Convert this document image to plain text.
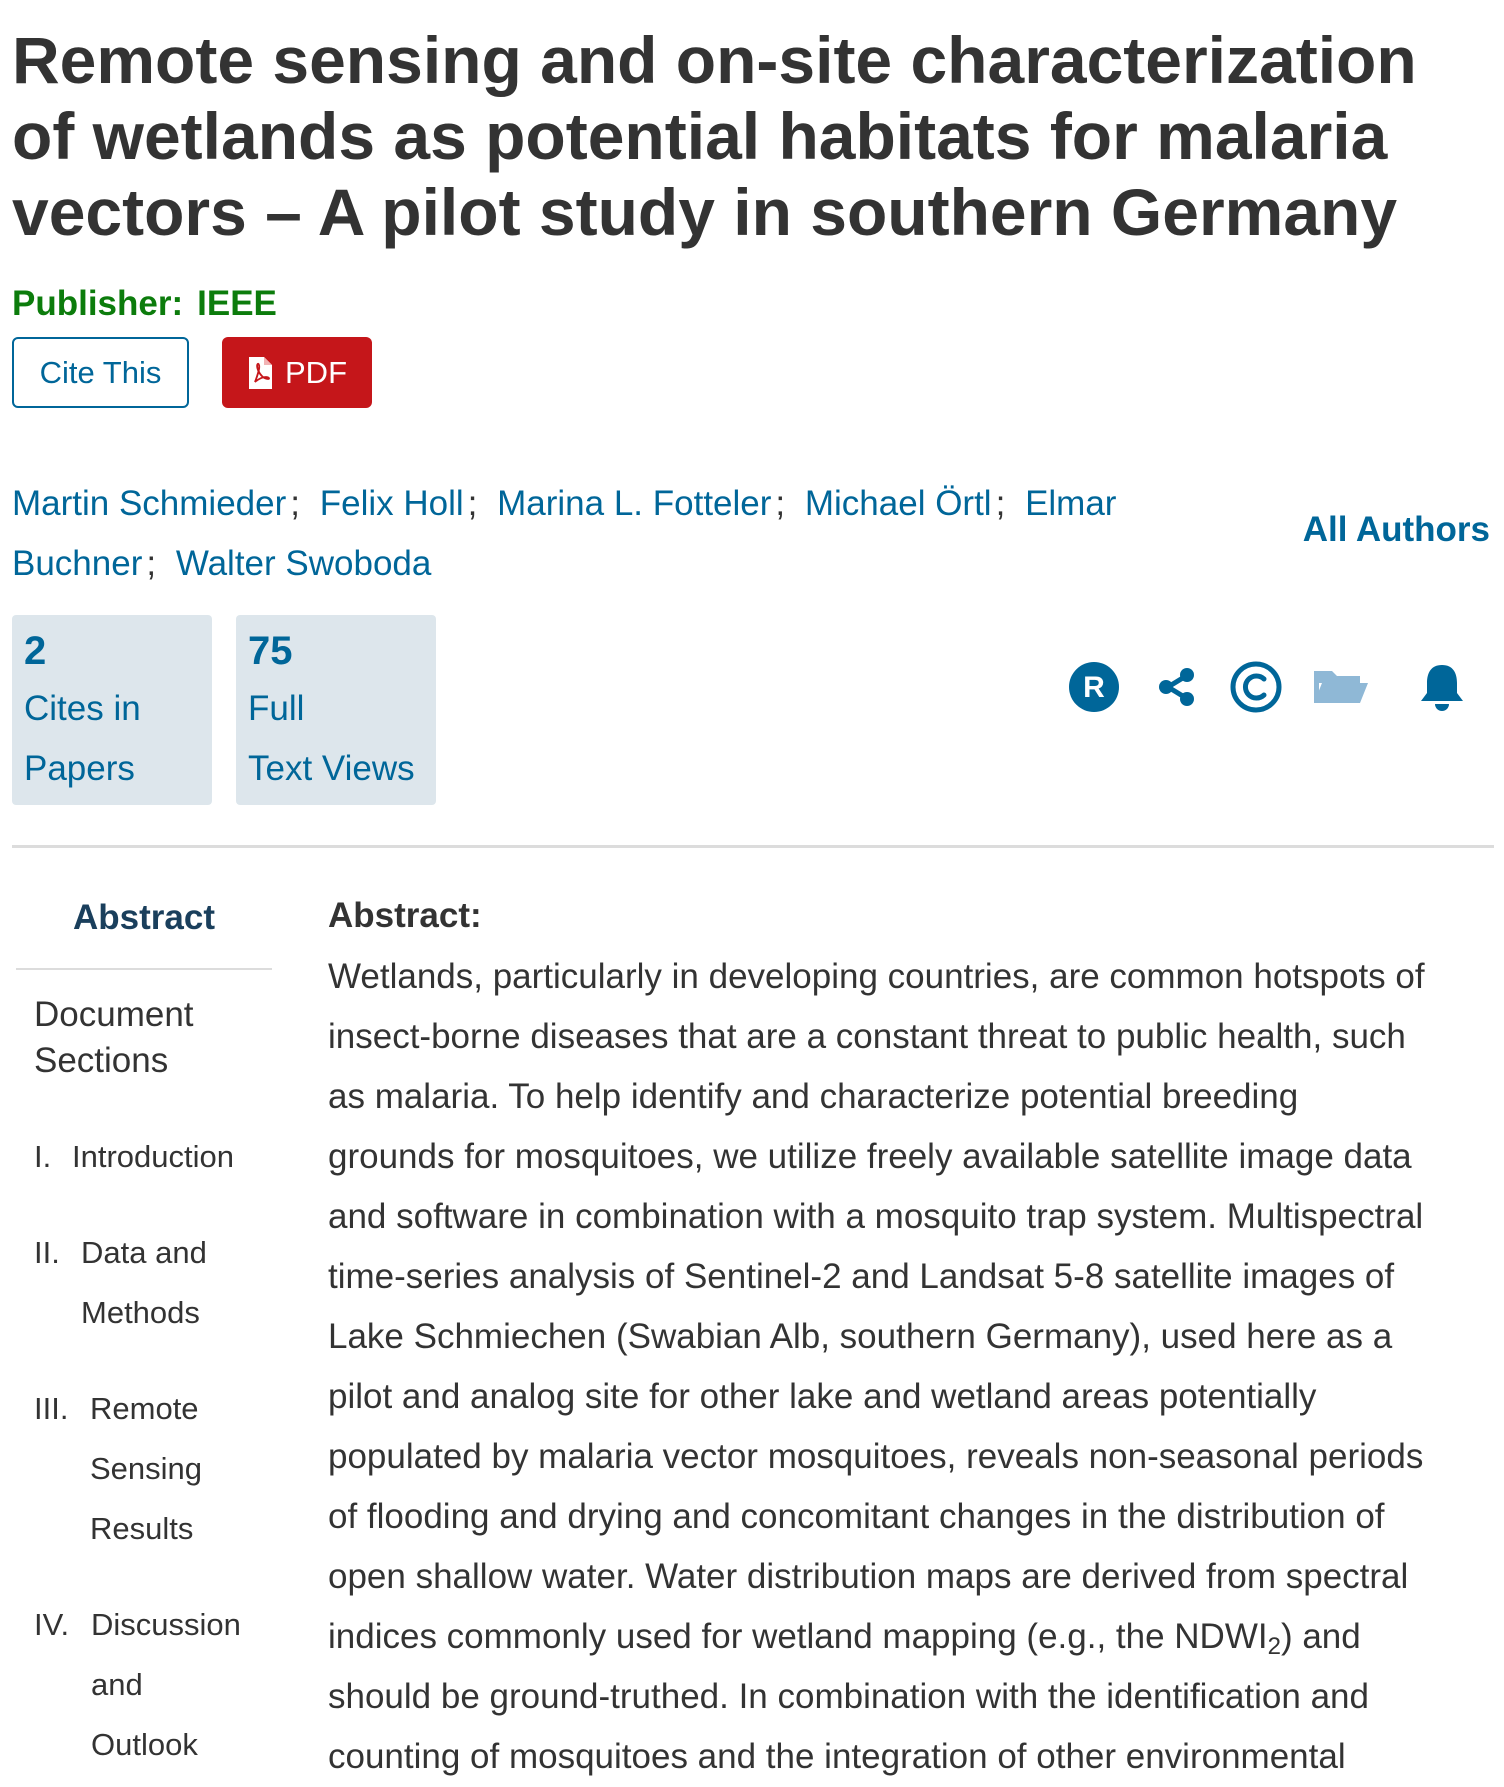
Remote sensing and on-site characterization of wetlands as potential habitats for malaria vectors – A pilot study in southern Germany
Publisher: IEEE
Cite This	PDF
Martin Schmieder ; Felix Holl ; Marina L. Fotteler ; Michael Örtl ; Elmar Buchner ; Walter Swoboda
All Authors
2
Cites in
Papers
75
Full
Text Views
R
Abstract
Document
Sections
I. Introduction
II. Data and
Methods
III. Remote
Sensing
Results
IV. Discussion
and
Outlook
Abstract:
Wetlands, particularly in developing countries, are common hotspots of
insect-borne diseases that are a constant threat to public health, such
as malaria. To help identify and characterize potential breeding
grounds for mosquitoes, we utilize freely available satellite image data
and software in combination with a mosquito trap system. Multispectral
time-series analysis of Sentinel-2 and Landsat 5-8 satellite images of
Lake Schmiechen (Swabian Alb, southern Germany), used here as a
pilot and analog site for other lake and wetland areas potentially
populated by malaria vector mosquitoes, reveals non-seasonal periods
of flooding and drying and concomitant changes in the distribution of
open shallow water. Water distribution maps are derived from spectral
indices commonly used for wetland mapping (e.g., the $NDWI_2$) and
should be ground-truthed. In combination with the identification and
counting of mosquitoes and the integration of other environmental
